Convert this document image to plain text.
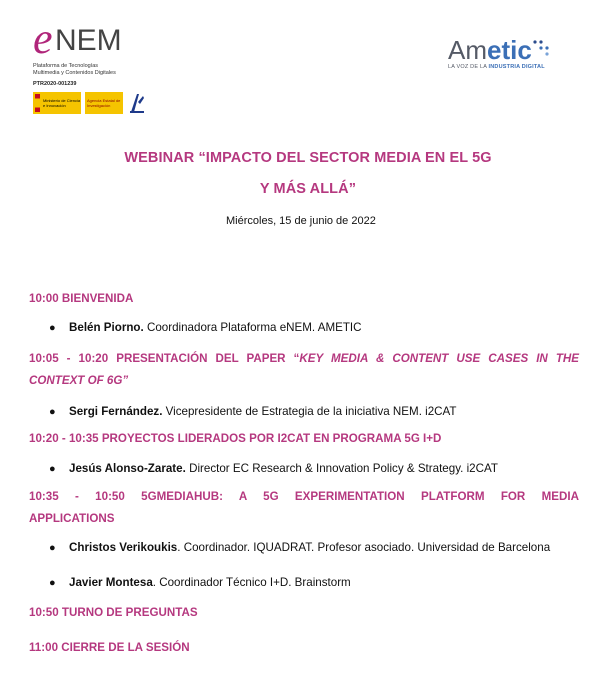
e NEM
Plataforma de Tecnologías
Multimedia y Contenidos Digitales
PTR2020-001239
Ministerio de Ciencia e Innovación
Agencia Estatal de Investigación
Ametic
LA VOZ DE LA INDUSTRIA DIGITAL
WEBINAR “IMPACTO DEL SECTOR MEDIA EN EL 5G
Y MÁS ALLÁ”
Miércoles, 15 de junio de 2022
10:00 BIENVENIDA
● Belén Piorno. Coordinadora Plataforma eNEM. AMETIC
10:05 - 10:20 PRESENTACIÓN DEL PAPER “KEY MEDIA & CONTENT USE CASES IN THE
CONTEXT OF 6G”
● Sergi Fernández. Vicepresidente de Estrategia de la iniciativa NEM. i2CAT
10:20 - 10:35 PROYECTOS LIDERADOS POR I2CAT EN PROGRAMA 5G I+D
● Jesús Alonso-Zarate. Director EC Research & Innovation Policy & Strategy. i2CAT
10:35 - 10:50 5GMEDIAHUB: A 5G EXPERIMENTATION PLATFORM FOR MEDIA
APPLICATIONS
● Christos Verikoukis. Coordinador. IQUADRAT. Profesor asociado. Universidad de Barcelona
● Javier Montesa. Coordinador Técnico I+D. Brainstorm
10:50 TURNO DE PREGUNTAS
11:00 CIERRE DE LA SESIÓN
